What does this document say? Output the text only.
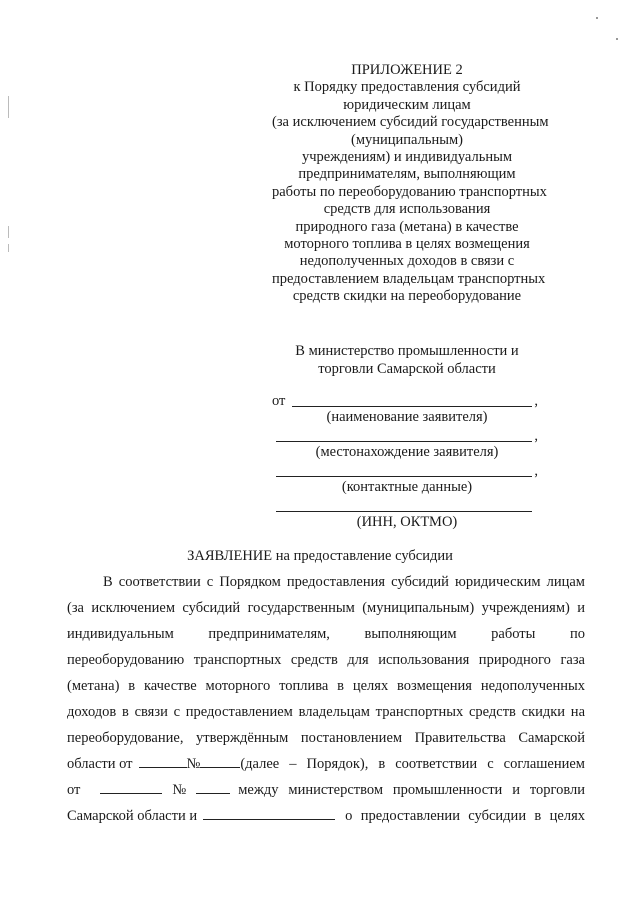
ПРИЛОЖЕНИЕ 2
к Порядку предоставления субсидий
юридическим лицам
(за исключением субсидий государственным
(муниципальным)
учреждениям) и индивидуальным
предпринимателям, выполняющим
работы по переоборудованию транспортных
средств для использования
природного газа (метана) в качестве
моторного топлива в целях возмещения
недополученных доходов в связи с
предоставлением владельцам транспортных
средств скидки на переоборудование
В министерство промышленности и
торговли Самарской области
от	,
(наименование заявителя)
,
(местонахождение заявителя)
,
(контактные данные)
(ИНН, ОКТМО)
ЗАЯВЛЕНИЕ на предоставление субсидии
В соответствии с Порядком предоставления субсидий юридическим лицам
(за исключением субсидий государственным (муниципальным) учреждениям) и
индивидуальным предпринимателям, выполняющим работы по
переоборудованию транспортных средств для использования природного газа
(метана) в качестве моторного топлива в целях возмещения недополученных
доходов в связи с предоставлением владельцам транспортных средств скидки на
переоборудование, утверждённым постановлением Правительства Самарской
области от	№	(далее – Порядок), в соответствии с соглашением
от	№	между министерством промышленности и торговли
Самарской области и	о предоставлении субсидии в целях
